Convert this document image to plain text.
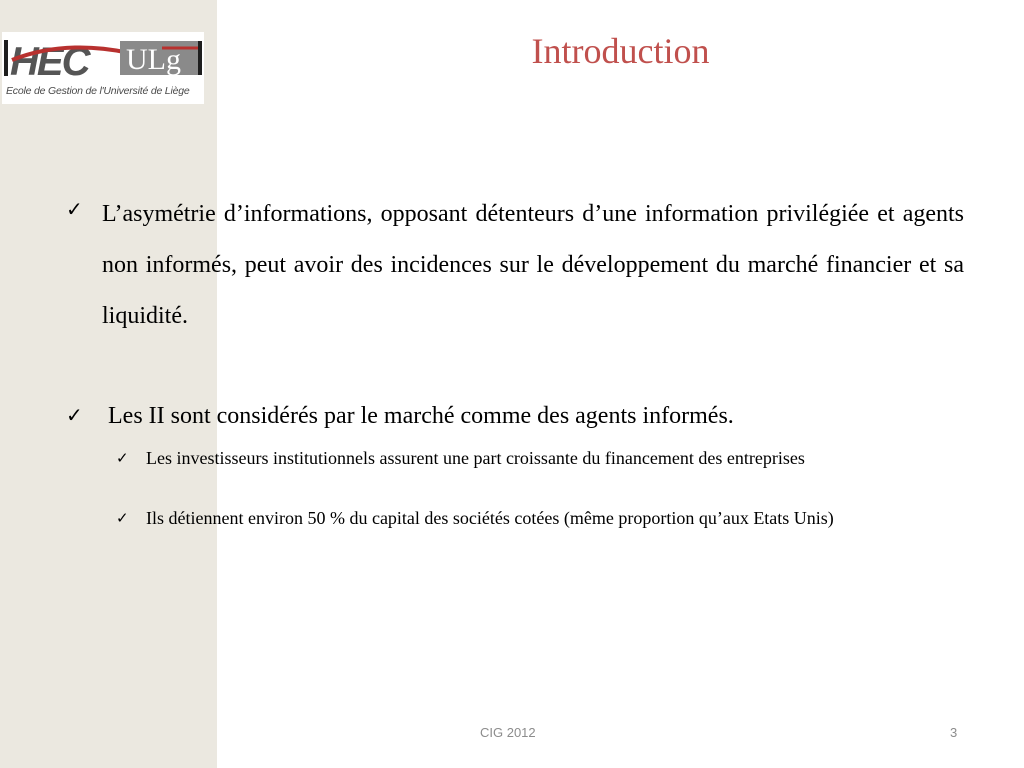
HEC ULg
Ecole de Gestion de l'Université de Liège
Introduction
✓ L’asymétrie d’informations, opposant détenteurs d’une information privilégiée et agents non informés, peut avoir des incidences sur le développement du marché financier et sa liquidité.
✓	Les II sont considérés par le marché comme des agents informés.
✓ Les investisseurs institutionnels assurent une part croissante du financement des entreprises
✓ Ils détiennent environ 50 % du capital des sociétés cotées (même proportion qu’aux Etats Unis)
CIG 2012	3
